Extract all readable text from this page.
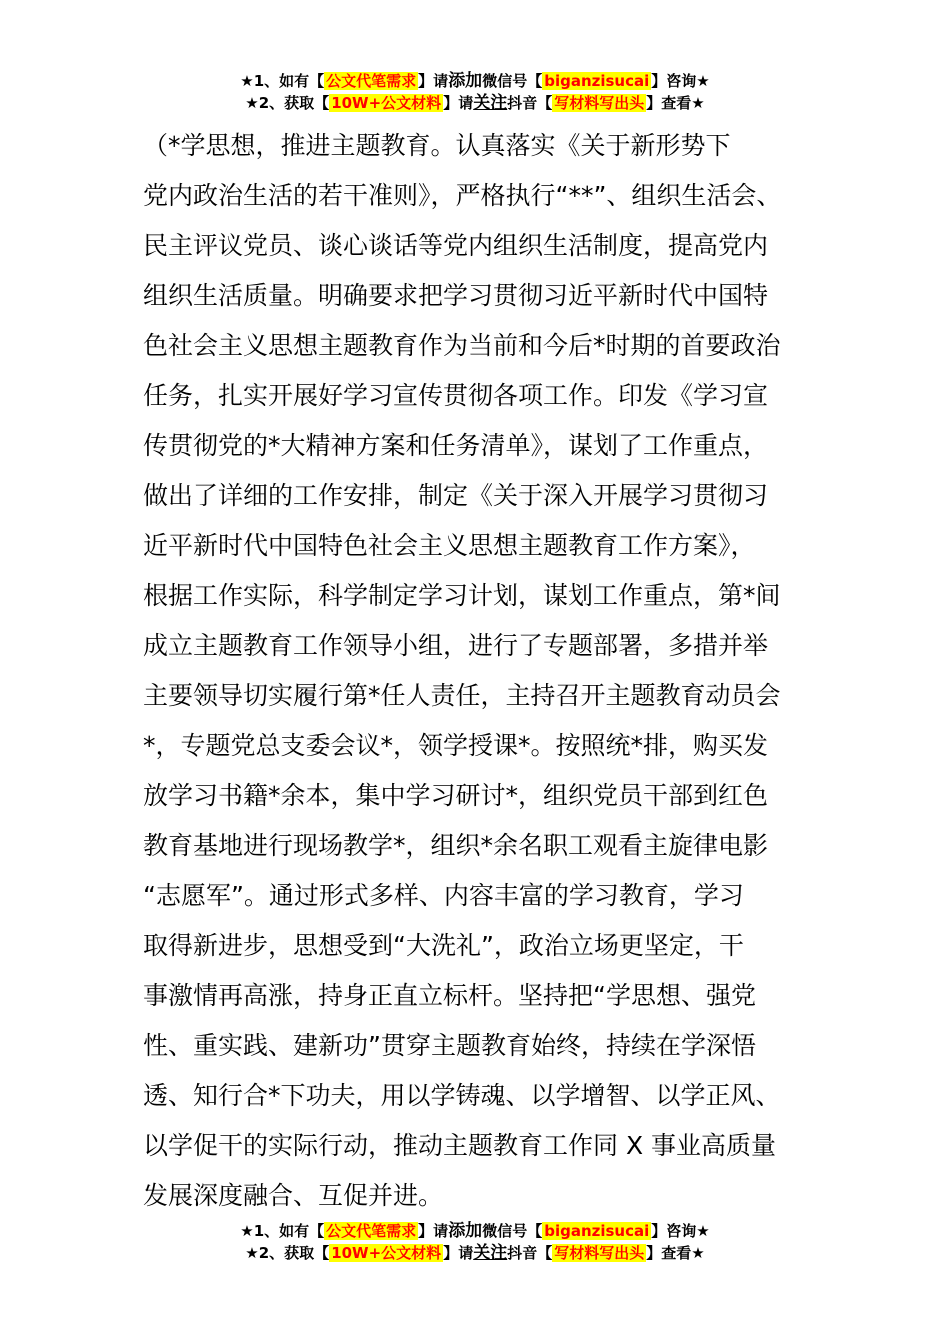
★1、如有【 公文代笔需求 】请添加微信号【 biganzisucai 】咨询★
★2、获取【 10W+公文材料 】请关注抖音【 写材料写出头 】查看★
（*学思想，推进主题教育。认真落实《关于新形势下
党内政治生活的若干准则》，严格执行“**”、组织生活会、
民主评议党员、谈心谈话等党内组织生活制度，提高党内
组织生活质量。明确要求把学习贯彻习近平新时代中国特
色社会主义思想主题教育作为当前和今后*时期的首要政治
任务，扎实开展好学习宣传贯彻各项工作。印发《学习宣
传贯彻党的*大精神方案和任务清单》，谋划了工作重点，
做出了详细的工作安排，制定《关于深入开展学习贯彻习
近平新时代中国特色社会主义思想主题教育工作方案》，
根据工作实际，科学制定学习计划，谋划工作重点，第*间
成立主题教育工作领导小组，进行了专题部署，多措并举
主要领导切实履行第*任人责任，主持召开主题教育动员会
*，专题党总支委会议*，领学授课*。按照统*排，购买发
放学习书籍*余本，集中学习研讨*，组织党员干部到红色
教育基地进行现场教学*，组织*余名职工观看主旋律电影
“志愿军”。通过形式多样、内容丰富的学习教育，学习
取得新进步，思想受到“大洗礼”，政治立场更坚定，干
事激情再高涨，持身正直立标杆。坚持把“学思想、强党
性、重实践、建新功”贯穿主题教育始终，持续在学深悟
透、知行合*下功夫，用以学铸魂、以学增智、以学正风、
以学促干的实际行动，推动主题教育工作同 X 事业高质量
发展深度融合、互促并进。
★1、如有【 公文代笔需求 】请添加微信号【 biganzisucai 】咨询★
★2、获取【 10W+公文材料 】请关注抖音【 写材料写出头 】查看★
